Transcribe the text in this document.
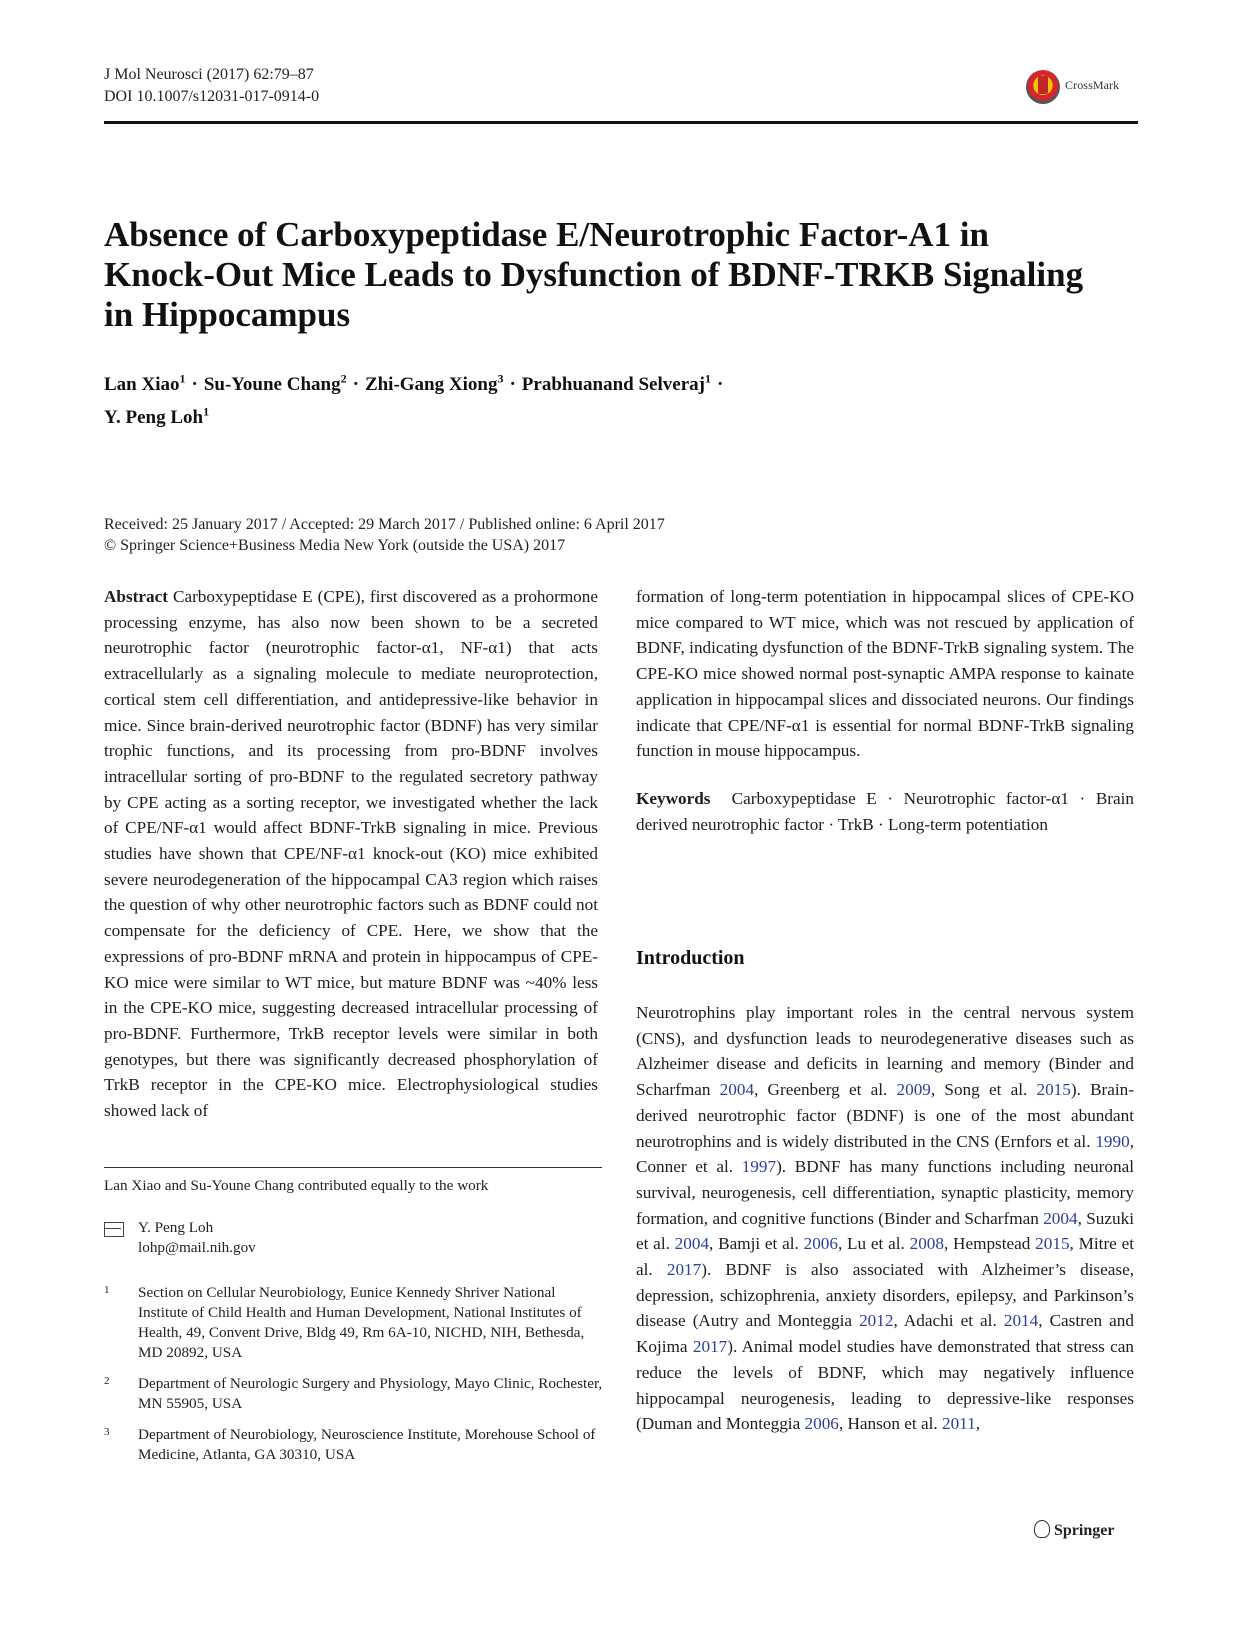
J Mol Neurosci (2017) 62:79–87
DOI 10.1007/s12031-017-0914-0
CrossMark
Absence of Carboxypeptidase E/Neurotrophic Factor-A1 in Knock-Out Mice Leads to Dysfunction of BDNF-TRKB Signaling in Hippocampus
Lan Xiao$^1$ · Su-Youne Chang$^2$ · Zhi-Gang Xiong$^3$ · Prabhuanand Selveraj$^1$ ·
Y. Peng Loh$^1$
Received: 25 January 2017 / Accepted: 29 March 2017 / Published online: 6 April 2017
© Springer Science+Business Media New York (outside the USA) 2017

Abstract Carboxypeptidase E (CPE), first discovered as a prohormone processing enzyme, has also now been shown to be a secreted neurotrophic factor (neurotrophic factor-α1, NF-α1) that acts extracellularly as a signaling molecule to mediate neuroprotection, cortical stem cell differentiation, and antidepressive-like behavior in mice. Since brain-derived neurotrophic factor (BDNF) has very similar trophic functions, and its processing from pro-BDNF involves intracellular sorting of pro-BDNF to the regulated secretory pathway by CPE acting as a sorting receptor, we investigated whether the lack of CPE/NF-α1 would affect BDNF-TrkB signaling in mice. Previous studies have shown that CPE/NF-α1 knock-out (KO) mice exhibited severe neurodegeneration of the hippocampal CA3 region which raises the question of why other neurotrophic factors such as BDNF could not compensate for the deficiency of CPE. Here, we show that the expressions of pro-BDNF mRNA and protein in hippocampus of CPE-KO mice were similar to WT mice, but mature BDNF was ~40% less in the CPE-KO mice, suggesting decreased intracellular processing of pro-BDNF. Furthermore, TrkB receptor levels were similar in both genotypes, but there was significantly decreased phosphorylation of TrkB receptor in the CPE-KO mice. Electrophysiological studies showed lack of

formation of long-term potentiation in hippocampal slices of CPE-KO mice compared to WT mice, which was not rescued by application of BDNF, indicating dysfunction of the BDNF-TrkB signaling system. The CPE-KO mice showed normal post-synaptic AMPA response to kainate application in hippocampal slices and dissociated neurons. Our findings indicate that CPE/NF-α1 is essential for normal BDNF-TrkB signaling function in mouse hippocampus.

Keywords Carboxypeptidase E · Neurotrophic factor-α1 · Brain derived neurotrophic factor · TrkB · Long-term potentiation

Introduction

Neurotrophins play important roles in the central nervous system (CNS), and dysfunction leads to neurodegenerative diseases such as Alzheimer disease and deficits in learning and memory (Binder and Scharfman 2004, Greenberg et al. 2009, Song et al. 2015). Brain-derived neurotrophic factor (BDNF) is one of the most abundant neurotrophins and is widely distributed in the CNS (Ernfors et al. 1990, Conner et al. 1997). BDNF has many functions including neuronal survival, neurogenesis, cell differentiation, synaptic plasticity, memory formation, and cognitive functions (Binder and Scharfman 2004, Suzuki et al. 2004, Bamji et al. 2006, Lu et al. 2008, Hempstead 2015, Mitre et al. 2017). BDNF is also associated with Alzheimer’s disease, depression, schizophrenia, anxiety disorders, epilepsy, and Parkinson’s disease (Autry and Monteggia 2012, Adachi et al. 2014, Castren and Kojima 2017). Animal model studies have demonstrated that stress can reduce the levels of BDNF, which may negatively influence hippocampal neurogenesis, leading to depressive-like responses (Duman and Monteggia 2006, Hanson et al. 2011,

Lan Xiao and Su-Youne Chang contributed equally to the work
Y. Peng Loh
lohp@mail.nih.gov
1 Section on Cellular Neurobiology, Eunice Kennedy Shriver National Institute of Child Health and Human Development, National Institutes of Health, 49, Convent Drive, Bldg 49, Rm 6A-10, NICHD, NIH, Bethesda, MD 20892, USA
2 Department of Neurologic Surgery and Physiology, Mayo Clinic, Rochester, MN 55905, USA
3 Department of Neurobiology, Neuroscience Institute, Morehouse School of Medicine, Atlanta, GA 30310, USA
Springer
